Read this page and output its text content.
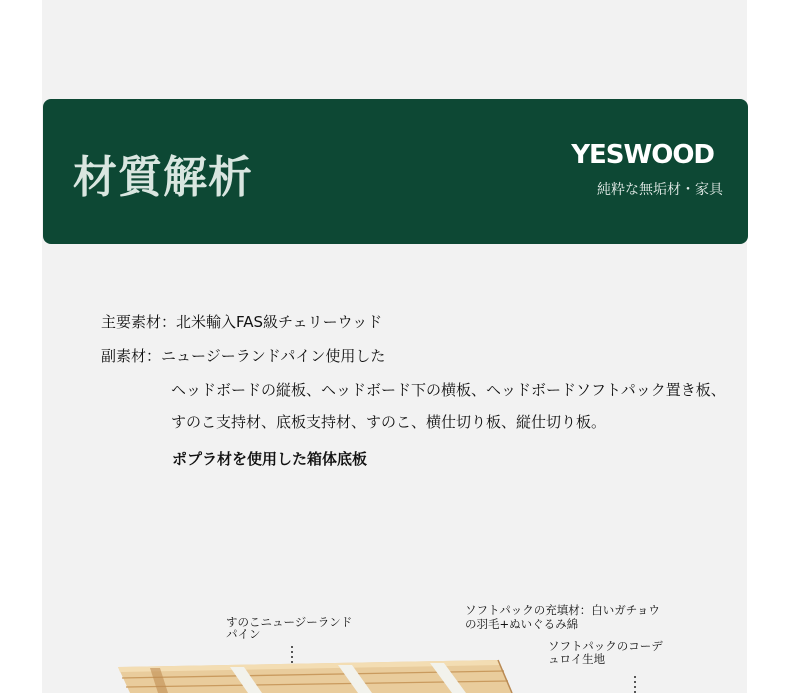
材質解析	YESWOOD
純粋な無垢材・家具
主要素材：北米輸入FAS級チェリーウッド
副素材：ニュージーランドパイン使用した
ヘッドボードの縦板、ヘッドボード下の横板、ヘッドボードソフトパック置き板、
すのこ支持材、底板支持材、すのこ、横仕切り板、縦仕切り板。
ポプラ材を使用した箱体底板
すのこニュージーランド
パイン
ソフトパックの充填材：白いガチョウ
の羽毛+ぬいぐるみ綿
ソフトパックのコーデ
ュロイ生地
